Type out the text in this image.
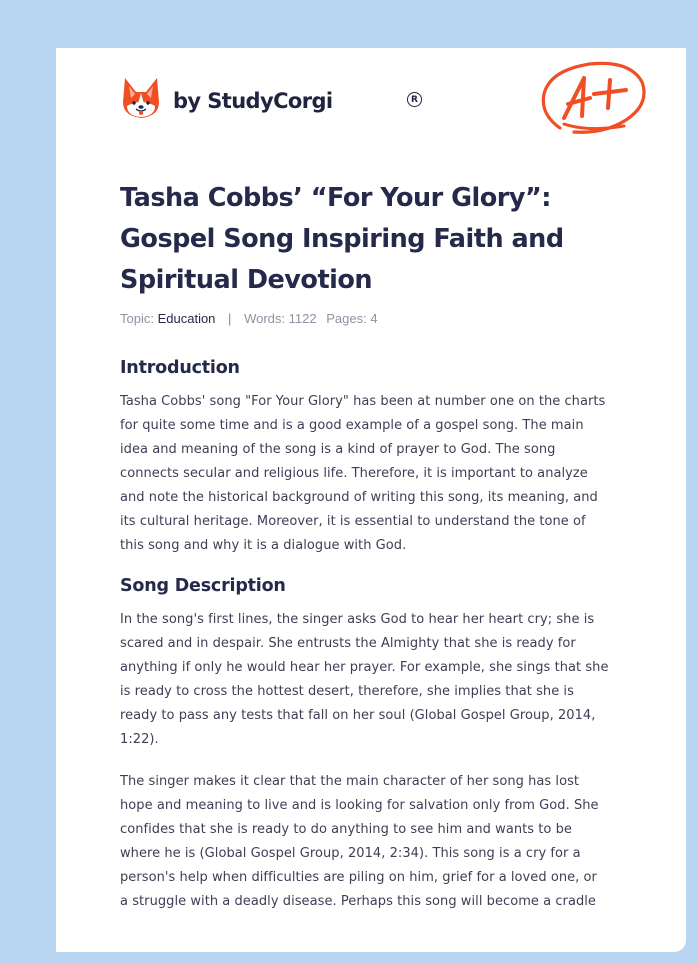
by StudyCorgi	R
Tasha Cobbs’ “For Your Glory”:
Gospel Song Inspiring Faith and
Spiritual Devotion
Topic: Education | Words: 1122 Pages: 4
Introduction

Tasha Cobbs' song "For Your Glory" has been at number one on the charts
for quite some time and is a good example of a gospel song. The main
idea and meaning of the song is a kind of prayer to God. The song
connects secular and religious life. Therefore, it is important to analyze
and note the historical background of writing this song, its meaning, and
its cultural heritage. Moreover, it is essential to understand the tone of
this song and why it is a dialogue with God.

Song Description

In the song's first lines, the singer asks God to hear her heart cry; she is
scared and in despair. She entrusts the Almighty that she is ready for
anything if only he would hear her prayer. For example, she sings that she
is ready to cross the hottest desert, therefore, she implies that she is
ready to pass any tests that fall on her soul (Global Gospel Group, 2014,
1:22).

The singer makes it clear that the main character of her song has lost
hope and meaning to live and is looking for salvation only from God. She
confides that she is ready to do anything to see him and wants to be
where he is (Global Gospel Group, 2014, 2:34). This song is a cry for a
person's help when difficulties are piling on him, grief for a loved one, or
a struggle with a deadly disease. Perhaps this song will become a cradle
